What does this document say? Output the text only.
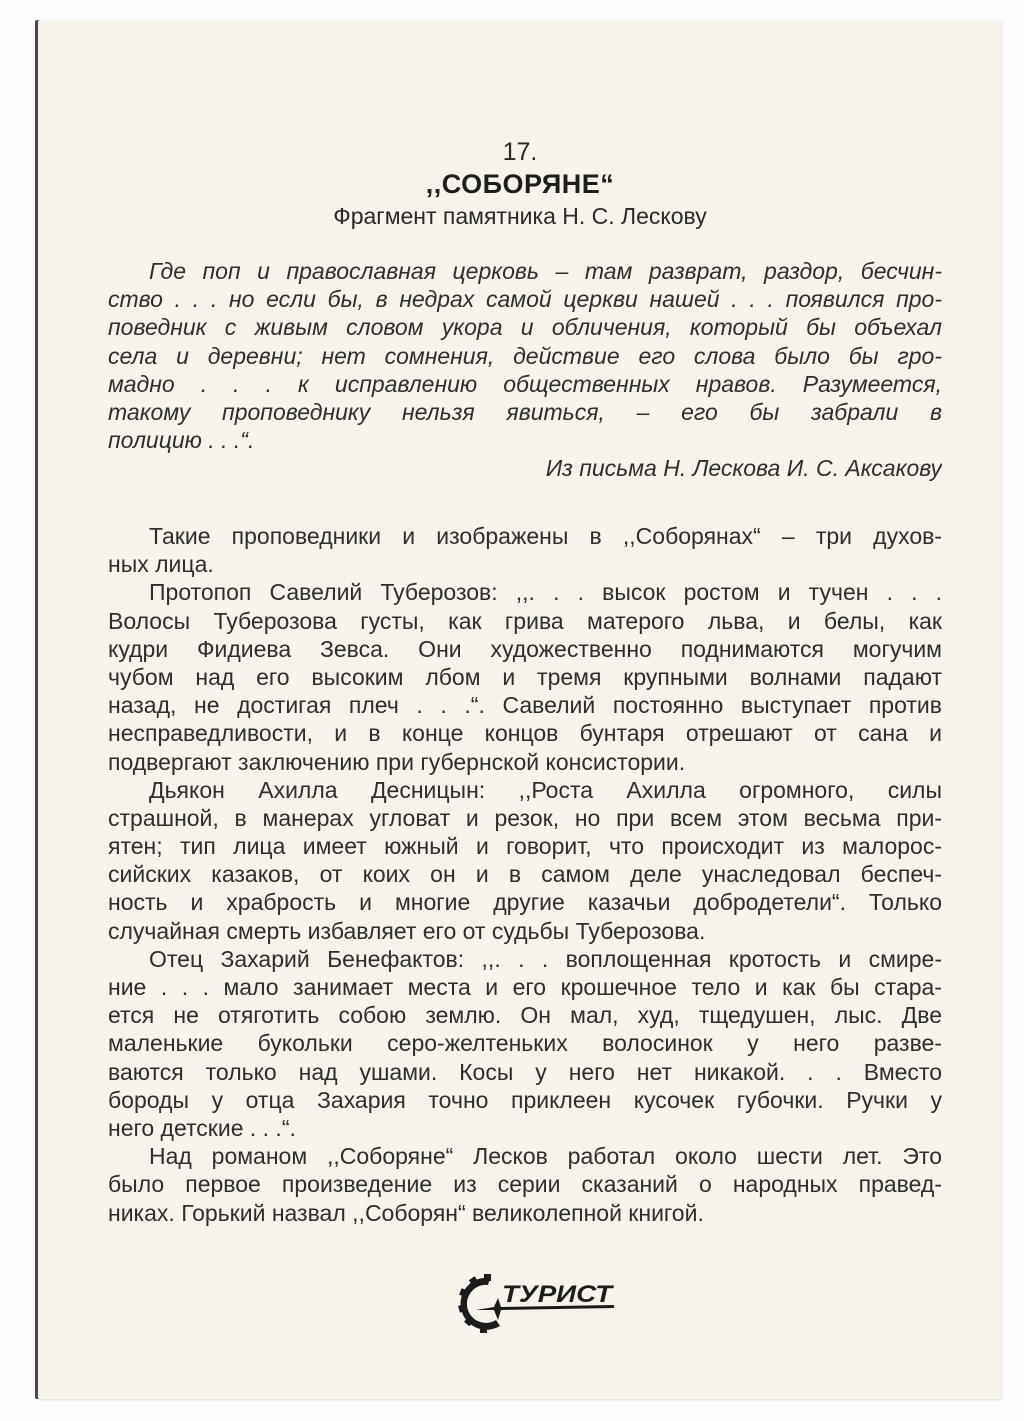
17.
,,СОБОРЯНЕ“
Фрагмент памятника Н. С. Лескову
Где поп и православная церковь – там разврат, раздор, бесчин-
ство . . . но если бы, в недрах самой церкви нашей . . . появился про-
поведник с живым словом укора и обличения, который бы объехал
села и деревни; нет сомнения, действие его слова было бы гро-
мадно . . . к исправлению общественных нравов. Разумеется,
такому проповеднику нельзя явиться, – его бы забрали в
полицию . . .“.
Из письма Н. Лескова И. С. Аксакову
Такие проповедники и изображены в ,,Соборянах“ – три духов-
ных лица.
Протопоп Савелий Туберозов: ,,. . . высок ростом и тучен . . .
Волосы Туберозова густы, как грива матерого льва, и белы, как
кудри Фидиева Зевса. Они художественно поднимаются могучим
чубом над его высоким лбом и тремя крупными волнами падают
назад, не достигая плеч . . .“. Савелий постоянно выступает против
несправедливости, и в конце концов бунтаря отрешают от сана и
подвергают заключению при губернской консистории.
Дьякон Ахилла Десницын: ,,Роста Ахилла огромного, силы
страшной, в манерах угловат и резок, но при всем этом весьма при-
ятен; тип лица имеет южный и говорит, что происходит из малорос-
сийских казаков, от коих он и в самом деле унаследовал беспеч-
ность и храбрость и многие другие казачьи добродетели“. Только
случайная смерть избавляет его от судьбы Туберозова.
Отец Захарий Бенефактов: ,,. . . воплощенная кротость и смире-
ние . . . мало занимает места и его крошечное тело и как бы стара-
ется не отяготить собою землю. Он мал, худ, тщедушен, лыс. Две
маленькие букольки серо-желтеньких волосинок у него разве-
ваются только над ушами. Косы у него нет никакой. . . Вместо
бороды у отца Захария точно приклеен кусочек губочки. Ручки у
него детские . . .“.
Над романом ,,Соборяне“ Лесков работал около шести лет. Это
было первое произведение из серии сказаний о народных правед-
никах. Горький назвал ,,Соборян“ великолепной книгой.
ТУРИСТ
